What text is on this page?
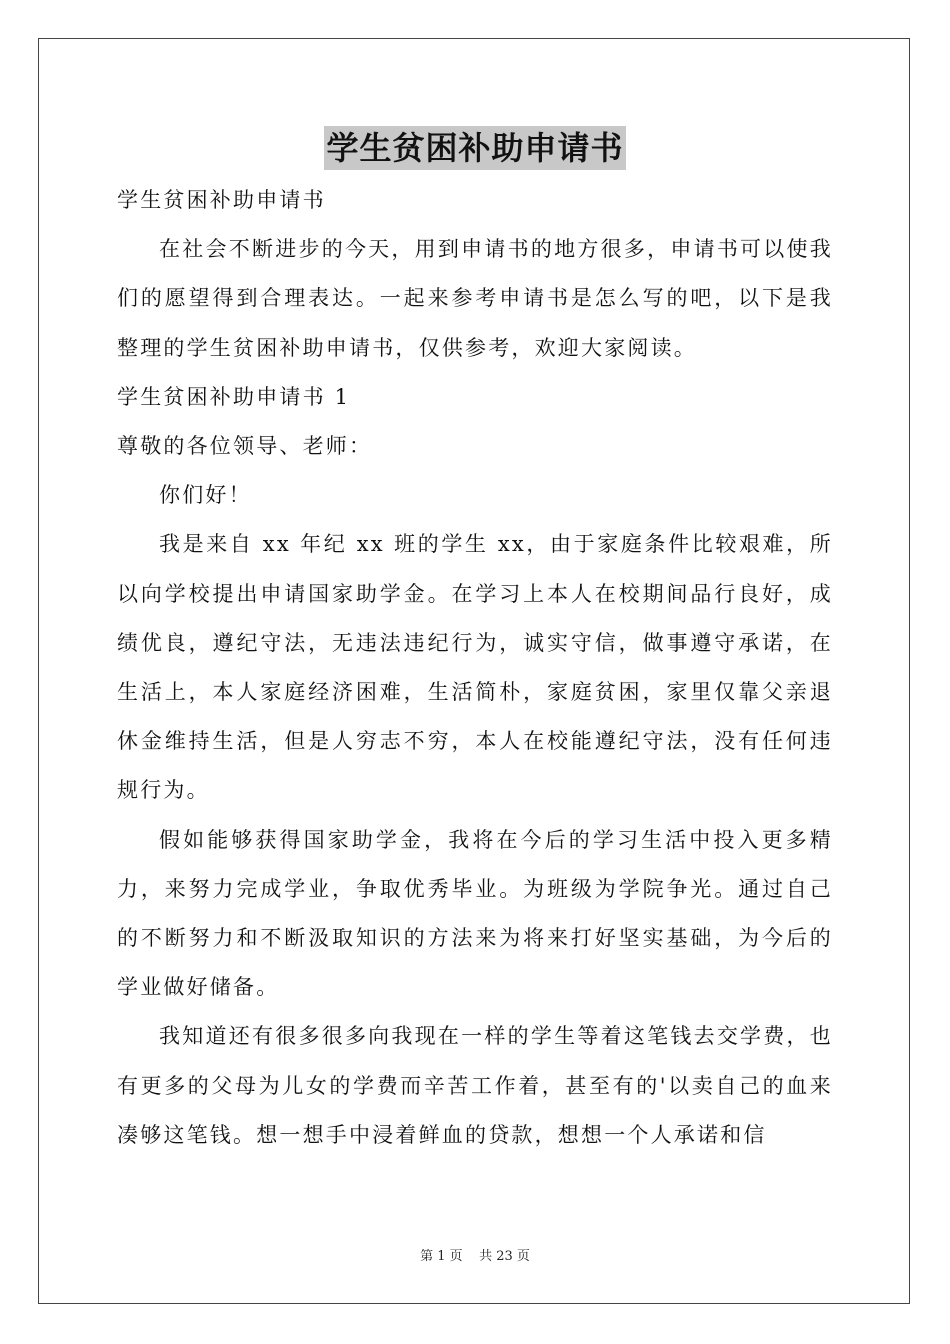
学生贫困补助申请书

学生贫困补助申请书

在社会不断进步的今天，用到申请书的地方很多，申请书可以使我们的愿望得到合理表达。一起来参考申请书是怎么写的吧，以下是我整理的学生贫困补助申请书，仅供参考，欢迎大家阅读。

学生贫困补助申请书 1

尊敬的各位领导、老师：

你们好！

我是来自 xx 年纪 xx 班的学生 xx，由于家庭条件比较艰难，所以向学校提出申请国家助学金。在学习上本人在校期间品行良好，成绩优良，遵纪守法，无违法违纪行为，诚实守信，做事遵守承诺，在生活上，本人家庭经济困难，生活简朴，家庭贫困，家里仅靠父亲退休金维持生活，但是人穷志不穷，本人在校能遵纪守法，没有任何违规行为。

假如能够获得国家助学金，我将在今后的学习生活中投入更多精力，来努力完成学业，争取优秀毕业。为班级为学院争光。通过自己的不断努力和不断汲取知识的方法来为将来打好坚实基础，为今后的学业做好储备。

我知道还有很多很多向我现在一样的学生等着这笔钱去交学费，也有更多的父母为儿女的学费而辛苦工作着，甚至有的'以卖自己的血来凑够这笔钱。想一想手中浸着鲜血的贷款，想想一个人承诺和信

第 1 页    共 23 页
